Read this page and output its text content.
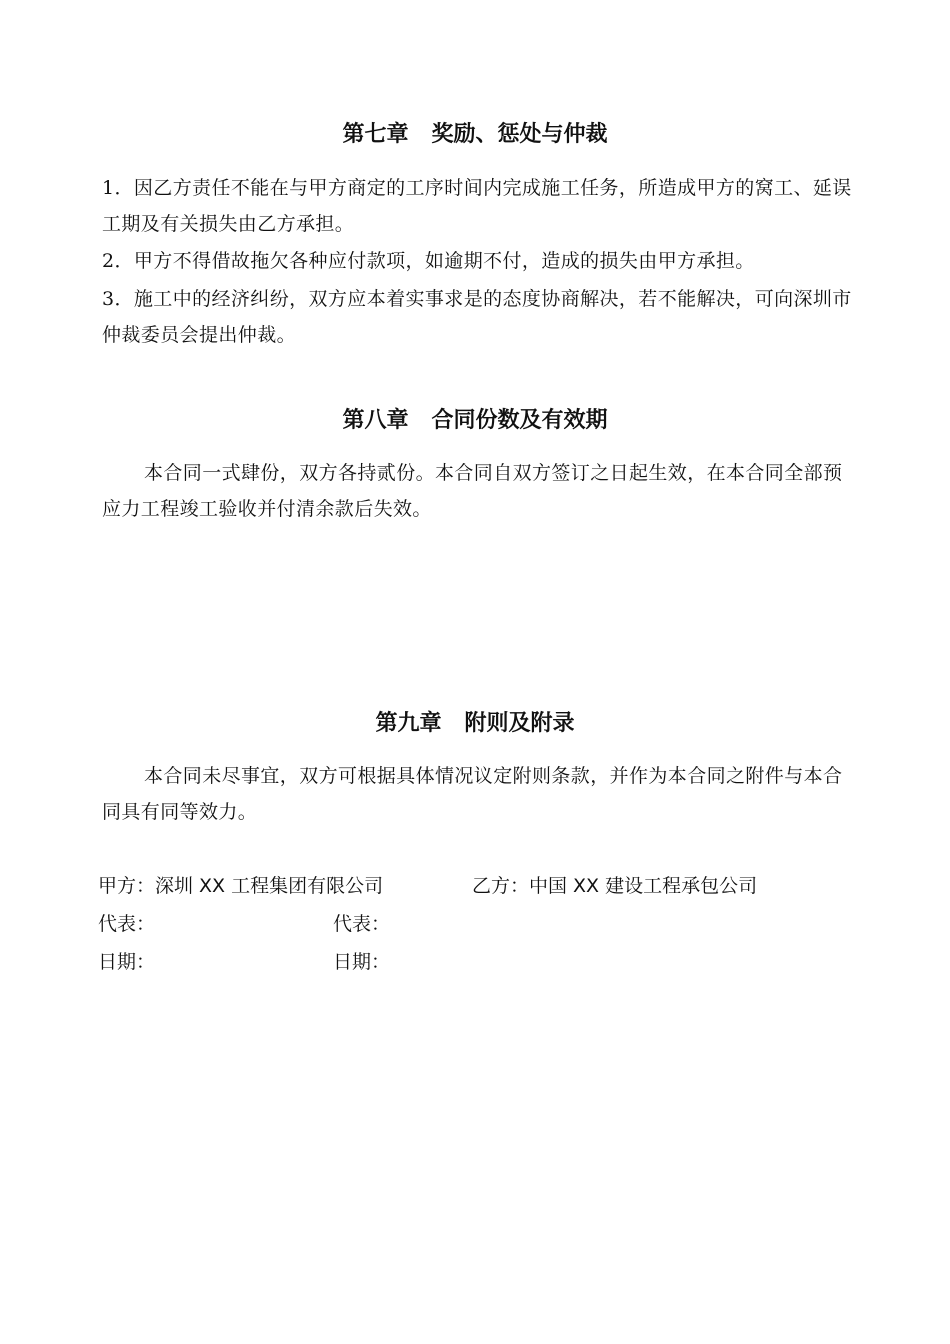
第七章   奖励、惩处与仲裁
1．因乙方责任不能在与甲方商定的工序时间内完成施工任务，所造成甲方的窝工、延误工期及有关损失由乙方承担。
2．甲方不得借故拖欠各种应付款项，如逾期不付，造成的损失由甲方承担。
3．施工中的经济纠纷，双方应本着实事求是的态度协商解决，若不能解决，可向深圳市仲裁委员会提出仲裁。
第八章   合同份数及有效期
本合同一式肆份，双方各持贰份。本合同自双方签订之日起生效，在本合同全部预应力工程竣工验收并付清余款后失效。
第九章   附则及附录
本合同未尽事宜，双方可根据具体情况议定附则条款，并作为本合同之附件与本合同具有同等效力。
甲方：深圳 XX 工程集团有限公司	乙方：中国 XX 建设工程承包公司
代表：	代表：
日期：	日期：
